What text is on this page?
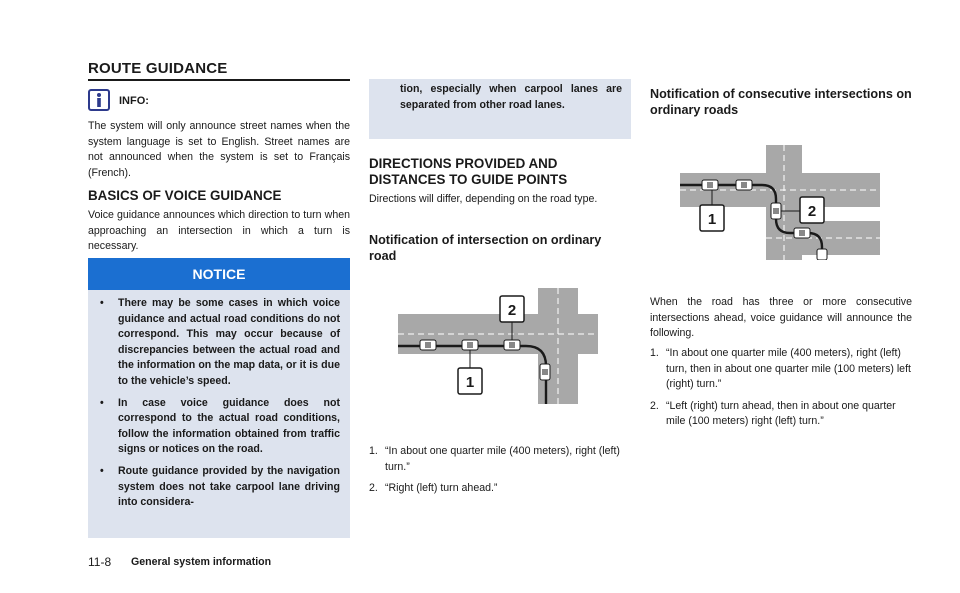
ROUTE GUIDANCE
INFO:
The system will only announce street names when the system language is set to English. Street names are not announced when the system is set to Français (French).
BASICS OF VOICE GUIDANCE
Voice guidance announces which direction to turn when approaching an intersection in which a turn is necessary.
NOTICE
• There may be some cases in which voice guidance and actual road conditions do not correspond. This may occur because of discrepancies between the actual road and the information on the map data, or it is due to the vehicle’s speed.
• In case voice guidance does not correspond to the actual road conditions, follow the information obtained from traffic signs or notices on the road.
• Route guidance provided by the navigation system does not take carpool lane driving into considera-
tion, especially when carpool lanes are separated from other road lanes.
DIRECTIONS PROVIDED AND DISTANCES TO GUIDE POINTS
Directions will differ, depending on the road type.
Notification of intersection on ordinary road
1
2
1. “In about one quarter mile (400 meters), right (left) turn.”
2. “Right (left) turn ahead.”
Notification of consecutive intersections on ordinary roads
1	2
When the road has three or more consecutive intersections ahead, voice guidance will announce the following.
1. “In about one quarter mile (400 meters), right (left) turn, then in about one quarter mile (100 meters) left (right) turn.”
2. “Left (right) turn ahead, then in about one quarter mile (100 meters) right (left) turn.”
11-8 General system information
